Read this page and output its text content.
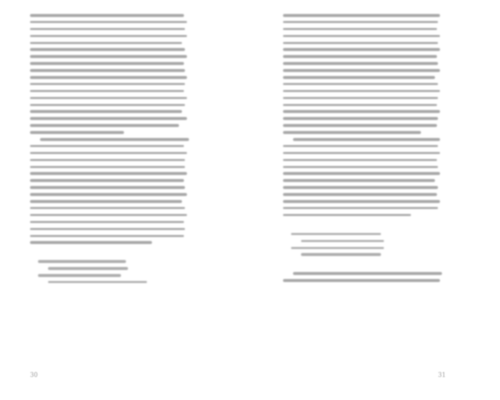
30	31
